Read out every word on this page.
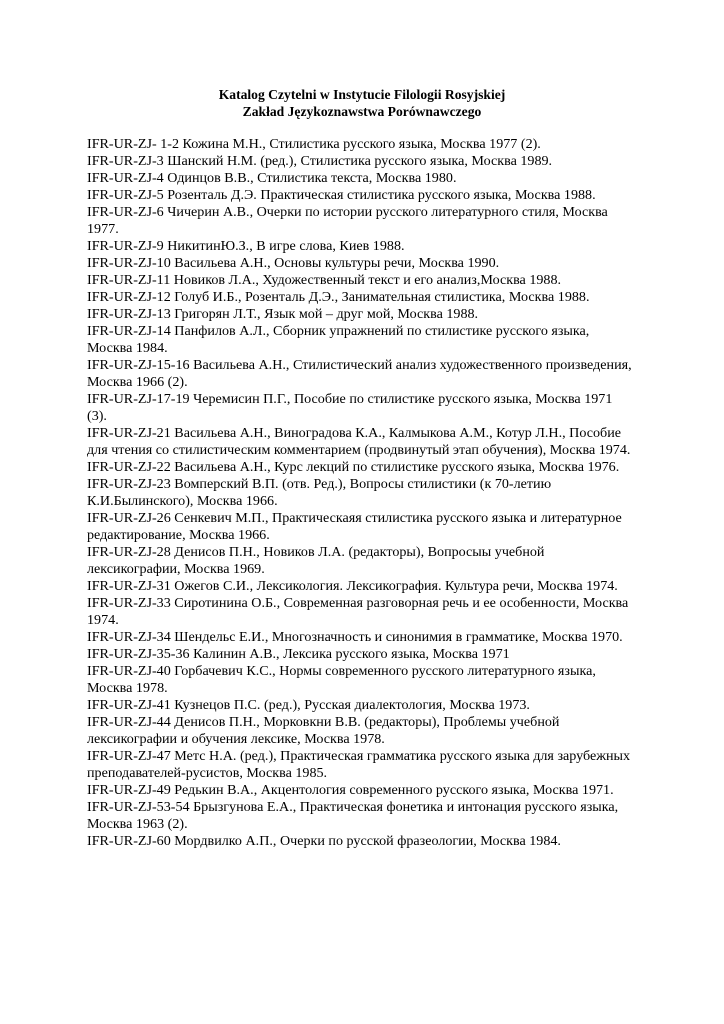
Katalog Czytelni w Instytucie Filologii Rosyjskiej
Zakład Językoznawstwa Porównawczego

IFR-UR-ZJ- 1-2 Кожина М.Н., Стилистика русского языка, Москва 1977 (2).

IFR-UR-ZJ-3 Шанский Н.М. (ред.), Стилистика русского языка, Москва 1989.

IFR-UR-ZJ-4 Одинцов В.В., Стилистика текста, Москва 1980.

IFR-UR-ZJ-5 Розенталь Д.Э. Практическая стилистика русского языка, Москва 1988.

IFR-UR-ZJ-6 Чичерин А.В., Очерки по истории русского литературного стиля, Москва 1977.

IFR-UR-ZJ-9 НикитинЮ.З., В игре слова, Киев 1988.

IFR-UR-ZJ-10 Васильева А.Н., Основы культуры речи, Москва 1990.

IFR-UR-ZJ-11 Новиков Л.А., Художественный текст и его анализ,Москва 1988.

IFR-UR-ZJ-12 Голуб И.Б., Розенталь Д.Э., Занимательная стилистика, Москва 1988.

IFR-UR-ZJ-13 Григорян Л.Т., Язык мой – друг мой, Москва 1988.

IFR-UR-ZJ-14 Панфилов А.Л., Сборник упражнений по стилистике русского языка, Москва 1984.

IFR-UR-ZJ-15-16 Васильева А.Н., Стилистический анализ художественного произведения, Москва 1966 (2).

IFR-UR-ZJ-17-19 Черемисин П.Г., Пособие по стилистике русского языка, Москва 1971 (3).

IFR-UR-ZJ-21 Васильева А.Н., Виноградова К.А., Калмыкова А.М., Котур Л.Н., Пособие для чтения со стилистическим комментарием (продвинутый этап обучения), Москва 1974.

IFR-UR-ZJ-22 Васильева А.Н., Курс лекций по стилистике русского языка, Москва 1976.

IFR-UR-ZJ-23 Вомперский В.П. (отв. Ред.), Вопросы стилистики (к 70-летию К.И.Былинского), Москва 1966.

IFR-UR-ZJ-26 Сенкевич М.П., Практическаяя стилистика русского языка и литературное редактирование, Москва 1966.

IFR-UR-ZJ-28 Денисов П.Н., Новиков Л.А. (редакторы), Вопросыы учебной лексикографии, Москва 1969.

IFR-UR-ZJ-31 Ожегов С.И., Лексикология. Лексикография. Культура речи, Москва 1974.

IFR-UR-ZJ-33 Сиротинина О.Б., Современная разговорная речь и ее особенности, Москва 1974.

IFR-UR-ZJ-34 Шендельс Е.И., Многозначность и синонимия в грамматике, Москва 1970.

IFR-UR-ZJ-35-36 Калинин А.В., Лексика русского языка, Москва 1971

IFR-UR-ZJ-40 Горбачевич К.С., Нормы современного русского литературного языка, Москва 1978.

IFR-UR-ZJ-41 Кузнецов П.С. (ред.), Русская диалектология, Москва 1973.

IFR-UR-ZJ-44 Денисов П.Н., Морковкни В.В. (редакторы), Проблемы учебной лексикографии и обучения лексике, Москва 1978.

IFR-UR-ZJ-47 Метс Н.А. (ред.), Практическая грамматика русского языка для зарубежных преподавателей-русистов, Москва 1985.

IFR-UR-ZJ-49 Редькин В.А., Акцентология современного русского языка, Москва 1971.

IFR-UR-ZJ-53-54 Брызгунова Е.А., Практическая фонетика и интонация русского языка, Москва 1963 (2).

IFR-UR-ZJ-60 Мордвилко А.П., Очерки по русской фразеологии, Москва 1984.
